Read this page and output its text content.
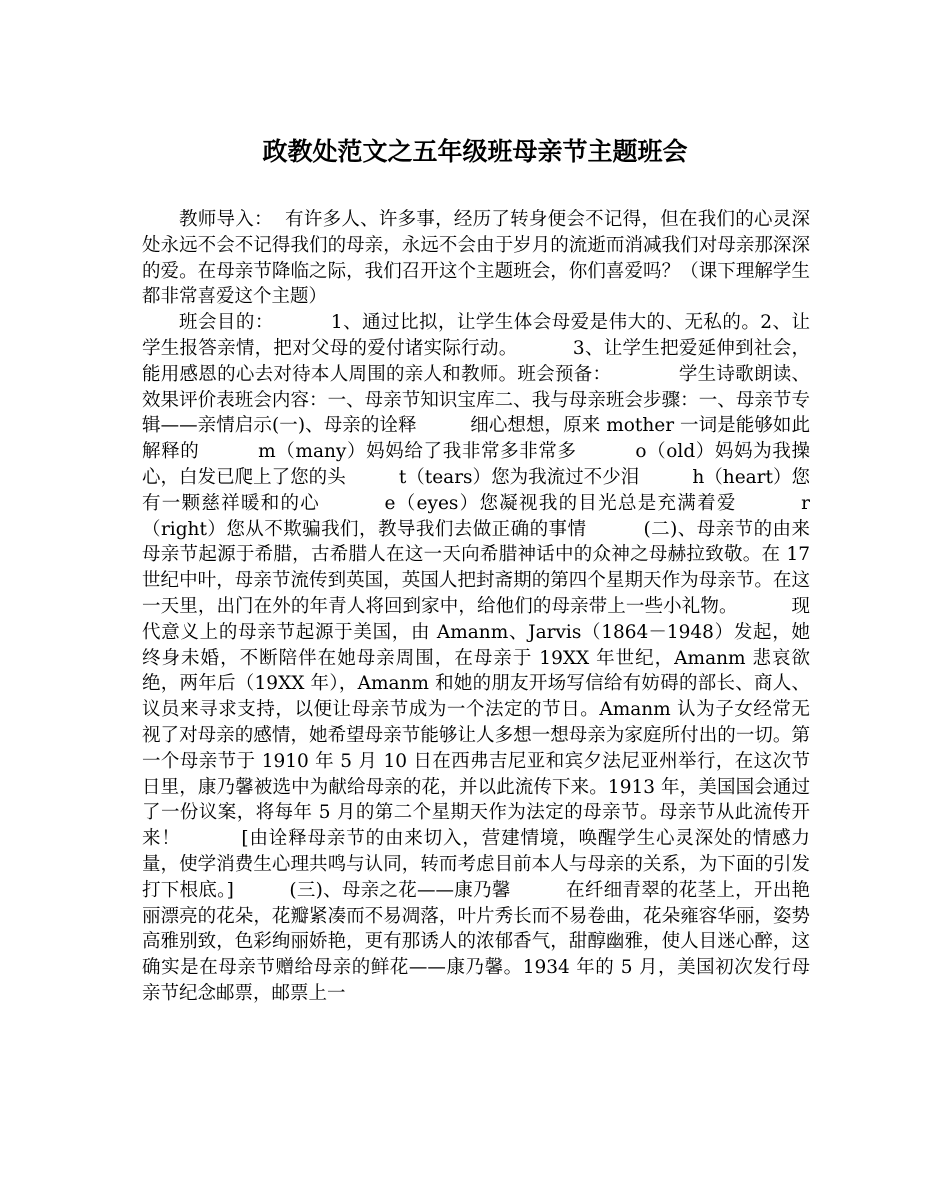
政教处范文之五年级班母亲节主题班会

教师导入：  有许多人、许多事，经历了转身便会不记得，但在我们的心灵深处永远不会不记得我们的母亲，永远不会由于岁月的流逝而消减我们对母亲那深深的爱。在母亲节降临之际，我们召开这个主题班会，你们喜爱吗？（课下理解学生都非常喜爱这个主题）

班会目的：         1、通过比拟，让学生体会母爱是伟大的、无私的。2、让学生报答亲情，把对父母的爱付诸实际行动。         3、让学生把爱延伸到社会，能用感恩的心去对待本人周围的亲人和教师。班会预备：           学生诗歌朗读、效果评价表班会内容：一、母亲节知识宝库二、我与母亲班会步骤：一、母亲节专辑——亲情启示(一)、母亲的诠释         细心想想，原来 mother 一词是能够如此解释的         m（many）妈妈给了我非常多非常多         o（old）妈妈为我操心，白发已爬上了您的头         t（tears）您为我流过不少泪         h（heart）您有一颗慈祥暖和的心         e（eyes）您凝视我的目光总是充满着爱         r（right）您从不欺骗我们，教导我们去做正确的事情         (二)、母亲节的由来         母亲节起源于希腊，古希腊人在这一天向希腊神话中的众神之母赫拉致敬。在 17 世纪中叶，母亲节流传到英国，英国人把封斋期的第四个星期天作为母亲节。在这一天里，出门在外的年青人将回到家中，给他们的母亲带上一些小礼物。         现代意义上的母亲节起源于美国，由 Amanm、Jarvis（1864－1948）发起，她终身未婚，不断陪伴在她母亲周围，在母亲于 19XX 年世纪，Amanm 悲哀欲绝，两年后（19XX 年），Amanm 和她的朋友开场写信给有妨碍的部长、商人、议员来寻求支持，以便让母亲节成为一个法定的节日。Amanm 认为子女经常无视了对母亲的感情，她希望母亲节能够让人多想一想母亲为家庭所付出的一切。第一个母亲节于 1910 年 5 月 10 日在西弗吉尼亚和宾夕法尼亚州举行，在这次节日里，康乃馨被选中为献给母亲的花，并以此流传下来。1913 年，美国国会通过了一份议案，将每年 5 月的第二个星期天作为法定的母亲节。母亲节从此流传开来！         [由诠释母亲节的由来切入，营建情境，唤醒学生心灵深处的情感力量，使学消费生心理共鸣与认同，转而考虑目前本人与母亲的关系，为下面的引发打下根底。]         (三)、母亲之花——康乃馨         在纤细青翠的花茎上，开出艳丽漂亮的花朵，花瓣紧凑而不易凋落，叶片秀长而不易卷曲，花朵雍容华丽，姿势高雅别致，色彩绚丽娇艳，更有那诱人的浓郁香气，甜醇幽雅，使人目迷心醉，这确实是在母亲节赠给母亲的鲜花——康乃馨。1934 年的 5 月，美国初次发行母亲节纪念邮票，邮票上一
